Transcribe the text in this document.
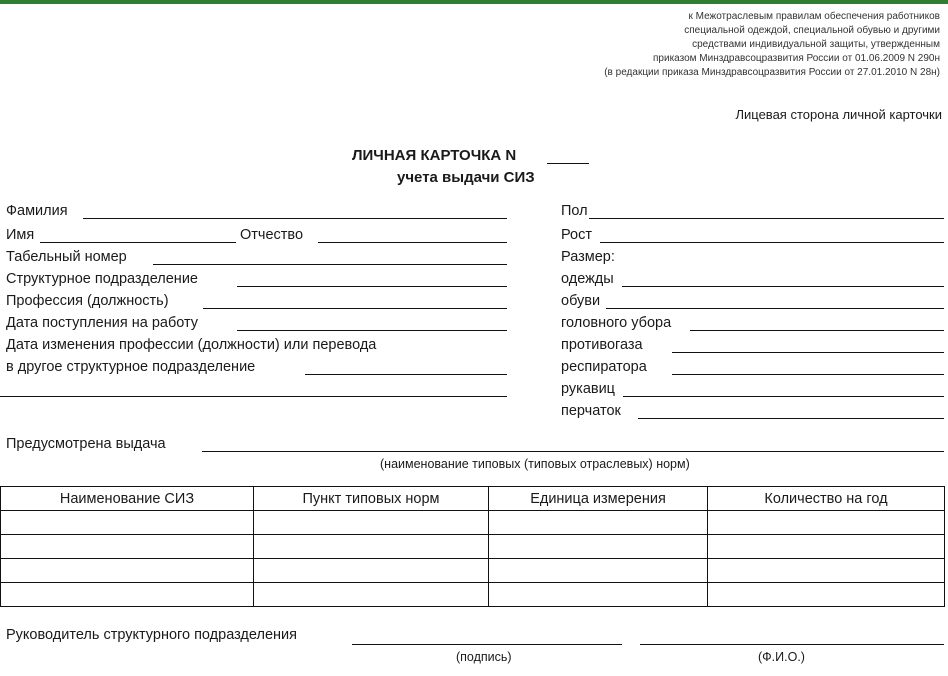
к Межотраслевым правилам обеспечения работников
специальной одеждой, специальной обувью и другими
средствами индивидуальной защиты, утвержденным
приказом Минздравсоцразвития России от 01.06.2009 N 290н
(в редакции приказа Минздравсоцразвития России от 27.01.2010 N 28н)
Лицевая сторона личной карточки
ЛИЧНАЯ КАРТОЧКА N
учета выдачи СИЗ
Фамилия
Имя	Отчество
Табельный номер
Структурное подразделение
Профессия (должность)
Дата поступления на работу
Дата изменения профессии (должности) или перевода
в другое структурное подразделение
Пол
Рост
Размер:
одежды
обуви
головного убора
противогаза
респиратора
рукавиц
перчаток
Предусмотрена выдача
(наименование типовых (типовых отраслевых) норм)
Наименование СИЗ	Пункт типовых норм	Единица измерения	Количество на год

Руководитель структурного подразделения
(подпись)	(Ф.И.О.)
